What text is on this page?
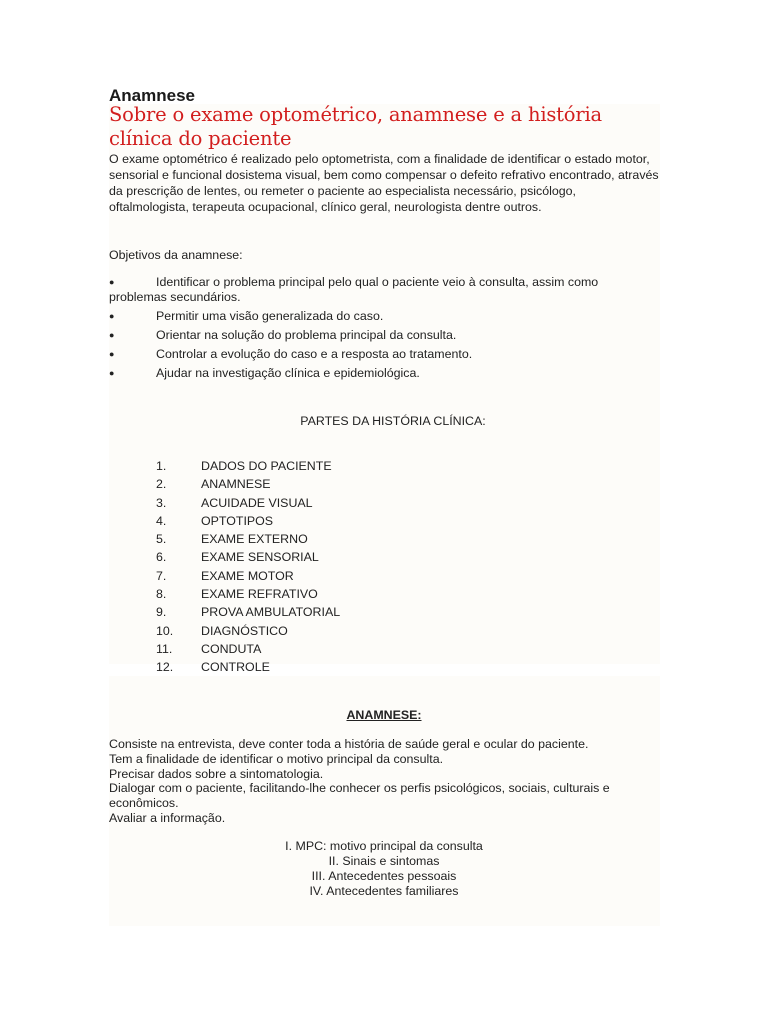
Anamnese
Sobre o exame optométrico, anamnese e a história clínica do paciente
O exame optométrico é realizado pelo optometrista, com a finalidade de identificar o estado motor, sensorial e funcional dosistema visual, bem como compensar o defeito refrativo encontrado, através da prescrição de lentes, ou remeter o paciente ao especialista necessário, psicólogo, oftalmologista, terapeuta ocupacional, clínico geral, neurologista dentre outros.
Objetivos da anamnese:
●	Identificar o problema principal pelo qual o paciente veio à consulta, assim como problemas secundários.
●	Permitir uma visão generalizada do caso.
●	Orientar na solução do problema principal da consulta.
●	Controlar a evolução do caso e a resposta ao tratamento.
●	Ajudar na investigação clínica e epidemiológica.
PARTES DA HISTÓRIA CLÍNICA:
1.	DADOS DO PACIENTE
2.	ANAMNESE
3.	ACUIDADE VISUAL
4.	OPTOTIPOS
5.	EXAME EXTERNO
6.	EXAME SENSORIAL
7.	EXAME MOTOR
8.	EXAME REFRATIVO
9.	PROVA AMBULATORIAL
10.	DIAGNÓSTICO
11.	CONDUTA
12.	CONTROLE
ANAMNESE:
Consiste na entrevista, deve conter toda a história de saúde geral e ocular do paciente.
Tem a finalidade de identificar o motivo principal da consulta.
Precisar dados sobre a sintomatologia.
Dialogar com o paciente, facilitando-lhe conhecer os perfis psicológicos, sociais, culturais e econômicos.
Avaliar a informação.
I. MPC: motivo principal da consulta
II. Sinais e sintomas
III. Antecedentes pessoais
IV. Antecedentes familiares
